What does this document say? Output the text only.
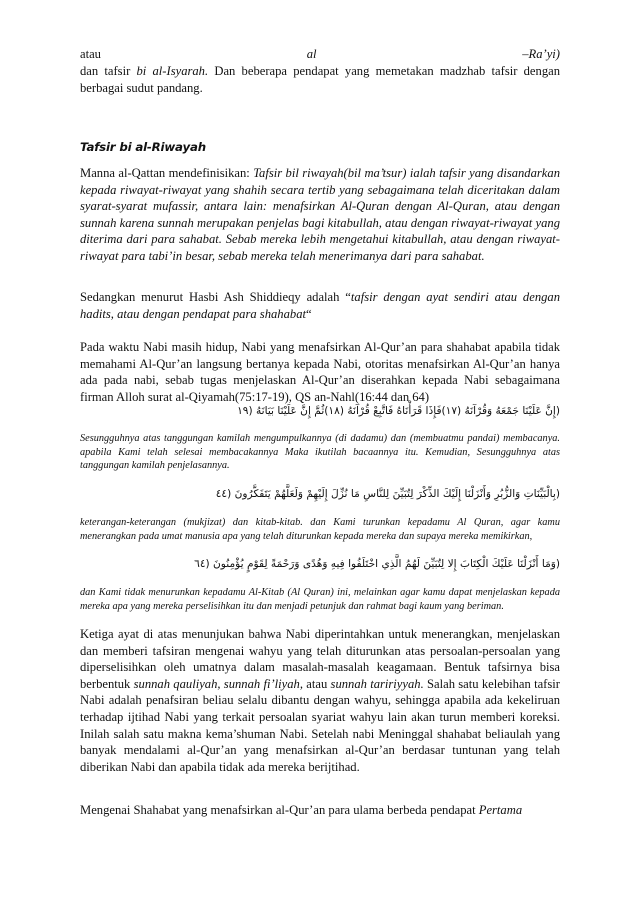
atau	al	–Ra’yi)

dan tafsir bi al-Isyarah. Dan beberapa pendapat yang memetakan madzhab tafsir dengan berbagai sudut pandang.

Tafsir bi al-Riwayah

Manna al-Qattan mendefinisikan: Tafsir bil riwayah(bil ma’tsur) ialah tafsir yang disandarkan kepada riwayat-riwayat yang shahih secara tertib yang sebagaimana telah diceritakan dalam syarat-syarat mufassir, antara lain: menafsirkan Al-Quran dengan Al-Quran, atau dengan sunnah karena sunnah merupakan penjelas bagi kitabullah, atau dengan riwayat-riwayat yang diterima dari para sahabat. Sebab mereka lebih mengetahui kitabullah, atau dengan riwayat-riwayat para tabi’in besar, sebab mereka telah menerimanya dari para sahabat.

Sedangkan menurut Hasbi Ash Shiddieqy adalah “tafsir dengan ayat sendiri atau dengan hadits, atau dengan pendapat para shahabat“

Pada waktu Nabi masih hidup, Nabi yang menafsirkan Al-Qur’an para shahabat apabila tidak memahami Al-Qur’an langsung bertanya kepada Nabi, otoritas menafsirkan Al-Qur’an hanya ada pada nabi, sebab tugas menjelaskan Al-Qur’an diserahkan kepada Nabi sebagaimana firman Alloh surat al-Qiyamah(75:17-19), QS an-Nahl(16:44 dan 64)

(إِنَّ عَلَيْنَا جَمْعَهُ وَقُرْآنَهُ (١٧)فَإِذَا قَرَأْنَاهُ فَاتَّبِعْ قُرْآنَهُ (١٨)ثُمَّ إِنَّ عَلَيْنَا بَيَانَهُ (١٩

Sesungguhnya atas tanggungan kamilah mengumpulkannya (di dadamu) dan (membuatmu pandai) membacanya. apabila Kami telah selesai membacakannya Maka ikutilah bacaannya itu. Kemudian, Sesungguhnya atas tanggungan kamilah penjelasannya.

(بِالْبَيِّنَاتِ وَالزُّبُرِ وَأَنْزَلْنَا إِلَيْكَ الذِّكْرَ لِتُبَيِّنَ لِلنَّاسِ مَا نُزِّلَ إِلَيْهِمْ وَلَعَلَّهُمْ يَتَفَكَّرُونَ (٤٤

keterangan-keterangan (mukjizat) dan kitab-kitab. dan Kami turunkan kepadamu Al Quran, agar kamu menerangkan pada umat manusia apa yang telah diturunkan kepada mereka dan supaya mereka memikirkan,

(وَمَا أَنْزَلْنَا عَلَيْكَ الْكِتَابَ إِلا لِتُبَيِّنَ لَهُمُ الَّذِي اخْتَلَفُوا فِيهِ وَهُدًى وَرَحْمَةً لِقَوْمٍ يُؤْمِنُونَ (٦٤

dan Kami tidak menurunkan kepadamu Al-Kitab (Al Quran) ini, melainkan agar kamu dapat menjelaskan kepada mereka apa yang mereka perselisihkan itu dan menjadi petunjuk dan rahmat bagi kaum yang beriman.

Ketiga ayat di atas menunjukan bahwa Nabi diperintahkan untuk menerangkan, menjelaskan dan memberi tafsiran mengenai wahyu yang telah diturunkan atas persoalan-persoalan yang diperselisihkan oleh umatnya dalam masalah-masalah keagamaan. Bentuk tafsirnya bisa berbentuk sunnah qauliyah, sunnah fi’liyah, atau sunnah taririyyah. Salah satu kelebihan tafsir Nabi adalah penafsiran beliau selalu dibantu dengan wahyu, sehingga apabila ada kekeliruan terhadap ijtihad Nabi yang terkait persoalan syariat wahyu lain akan turun memberi koreksi. Inilah salah satu makna kema’shuman Nabi. Setelah nabi Meninggal shahabat beliaulah yang banyak mendalami al-Qur’an yang menafsirkan al-Qur’an berdasar tuntunan yang telah diberikan Nabi dan apabila tidak ada mereka berijtihad.

Mengenai Shahabat yang menafsirkan al-Qur’an para ulama berbeda pendapat Pertama
